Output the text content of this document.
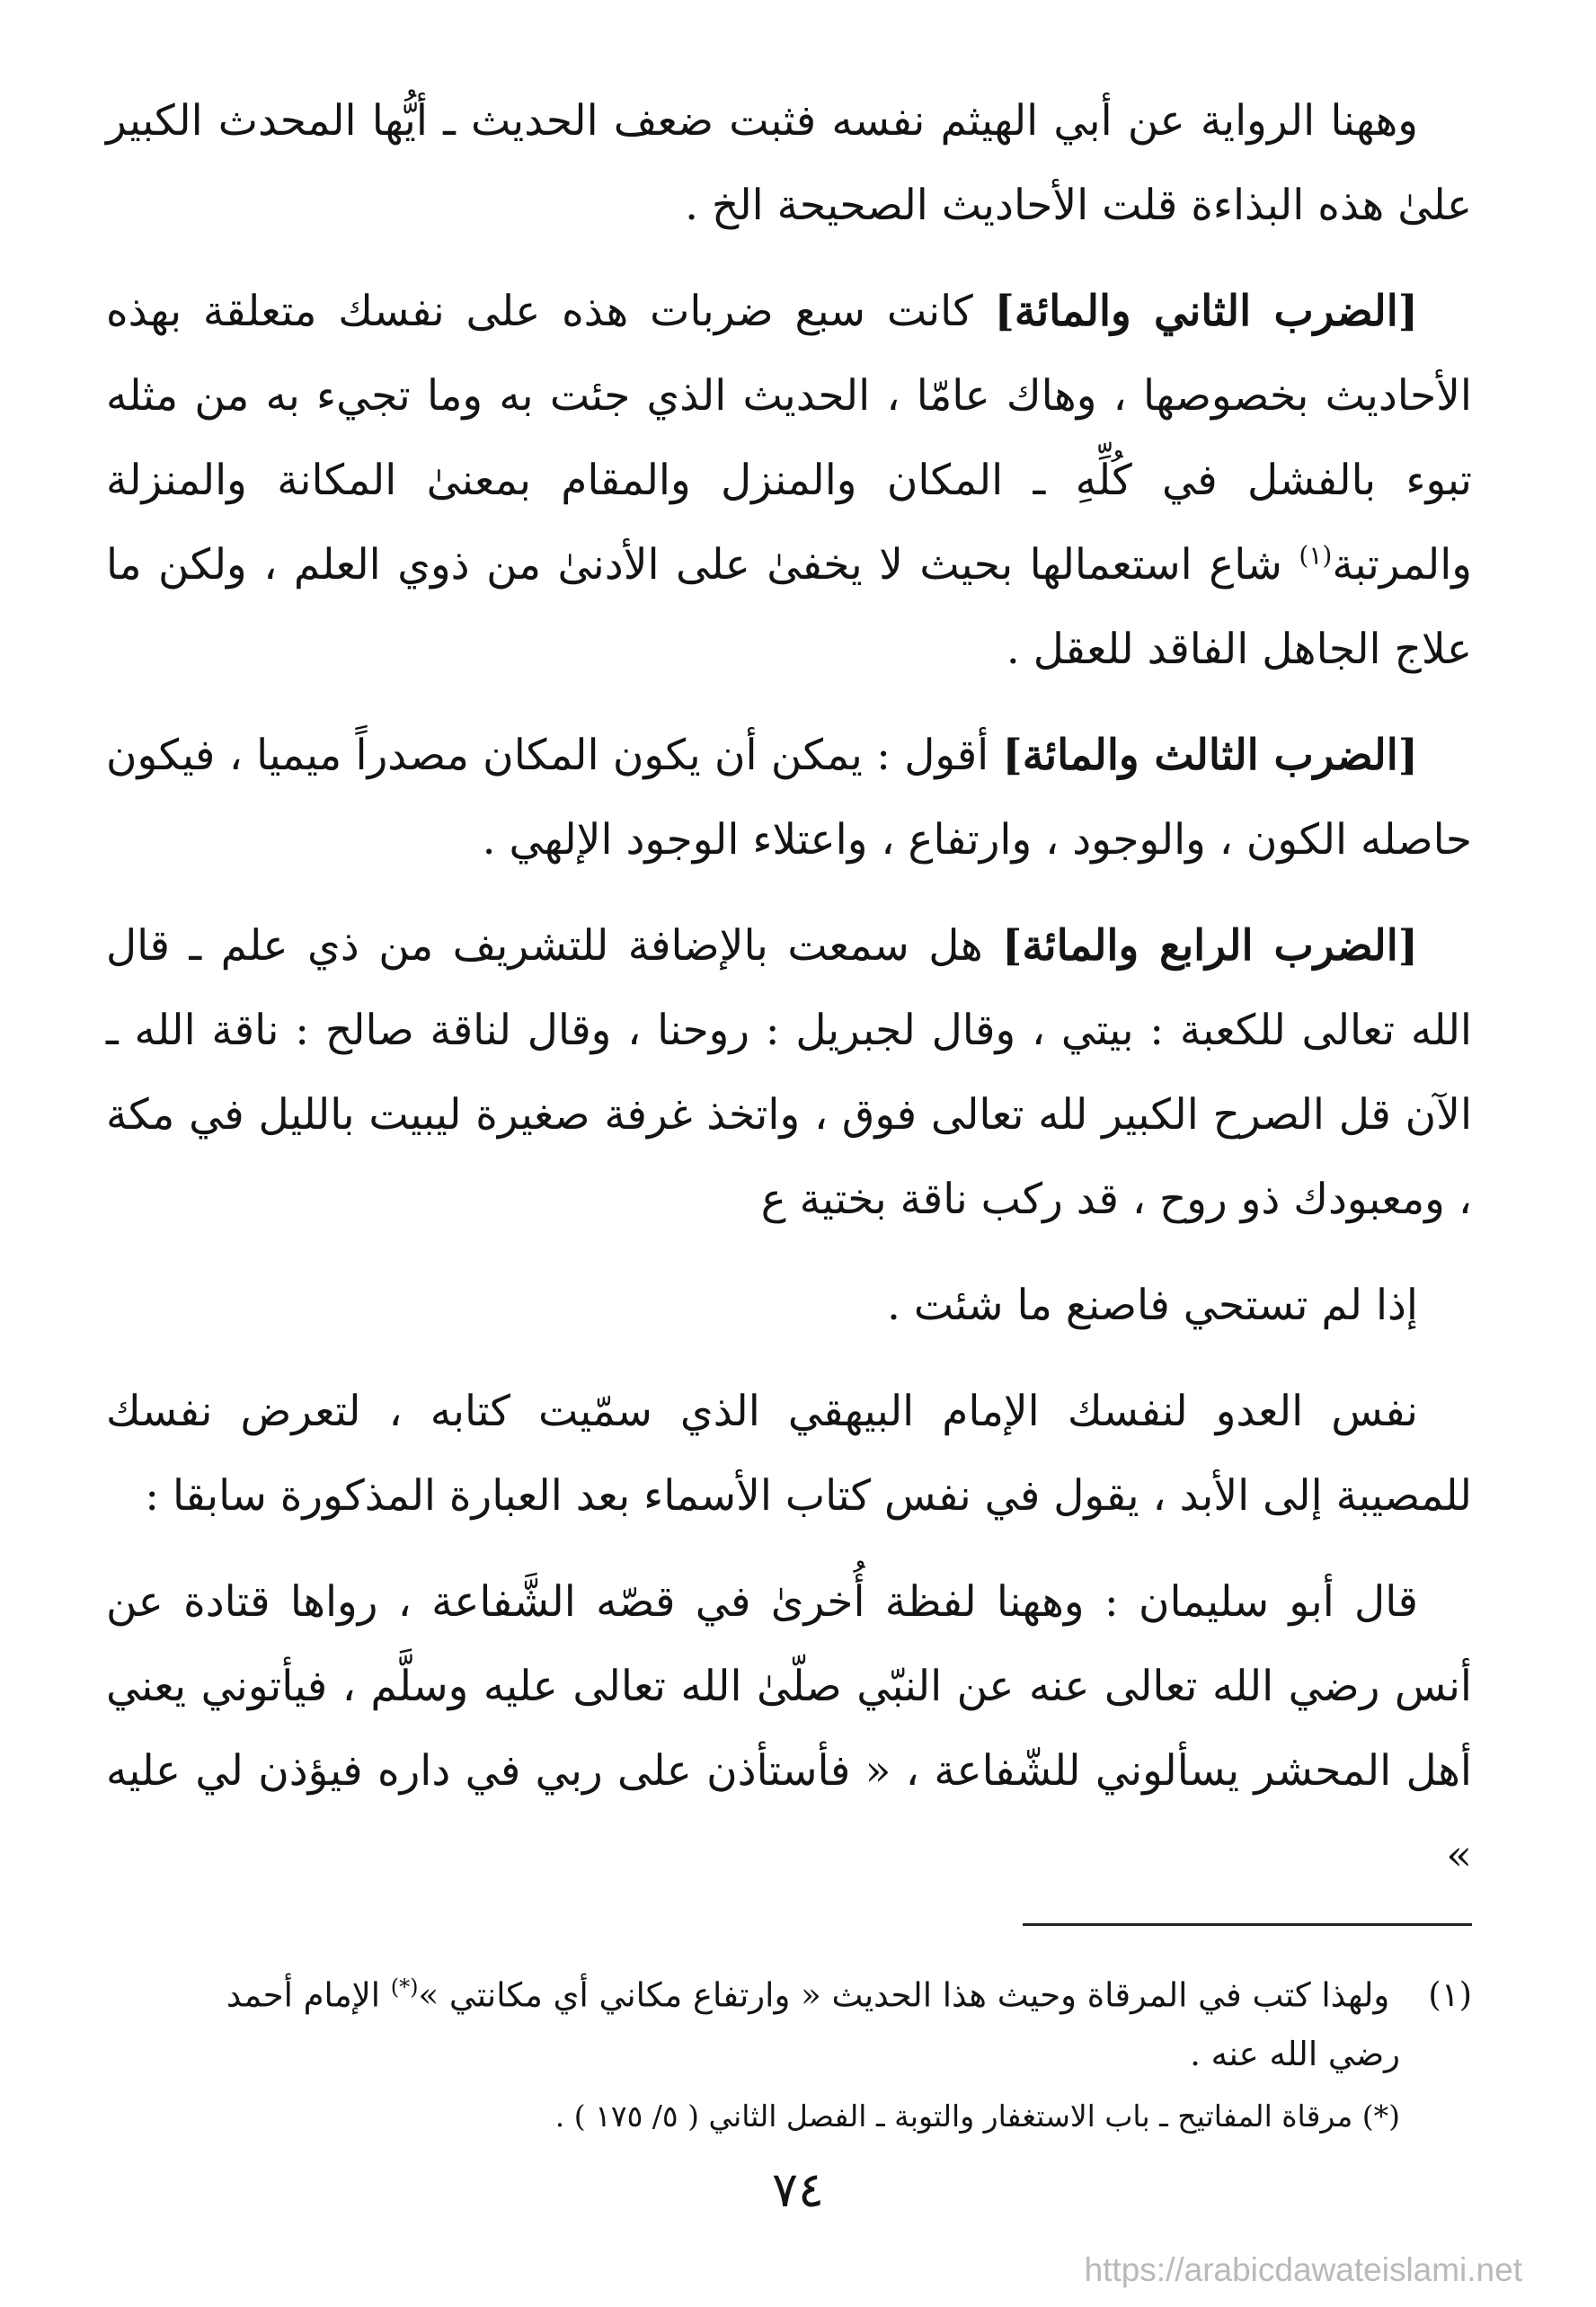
وههنا الرواية عن أبي الهيثم نفسه فثبت ضعف الحديث ـ أيُّها المحدث الكبير علىٰ هذه البذاءة قلت الأحاديث الصحيحة الخ .

[الضرب الثاني والمائة] كانت سبع ضربات هذه على نفسك متعلقة بهذه الأحاديث بخصوصها ، وهاك عامّا ، الحديث الذي جئت به وما تجيء به من مثله تبوء بالفشل في كُلِّهِ ـ المكان والمنزل والمقام بمعنىٰ المكانة والمنزلة والمرتبة$^{(١)}$ شاع استعمالها بحيث لا يخفىٰ على الأدنىٰ من ذوي العلم ، ولكن ما علاج الجاهل الفاقد للعقل .

[الضرب الثالث والمائة] أقول : يمكن أن يكون المكان مصدراً ميميا ، فيكون حاصله الكون ، والوجود ، وارتفاع ، واعتلاء الوجود الإلهي .

[الضرب الرابع والمائة] هل سمعت بالإضافة للتشريف من ذي علم ـ قال الله تعالى للكعبة : بيتي ، وقال لجبريل : روحنا ، وقال لناقة صالح : ناقة الله ـ الآن قل الصرح الكبير لله تعالى فوق ، واتخذ غرفة صغيرة ليبيت بالليل في مكة ، ومعبودك ذو روح ، قد ركب ناقة بختية ع

إذا لم تستحي فاصنع ما شئت .

نفس العدو لنفسك الإمام البيهقي الذي سمّيت كتابه ، لتعرض نفسك للمصيبة إلى الأبد ، يقول في نفس كتاب الأسماء بعد العبارة المذكورة سابقا :

قال أبو سليمان : وههنا لفظة أُخرىٰ في قصّه الشَّفاعة ، رواها قتادة عن أنس رضي الله تعالى عنه عن النبّي صلّىٰ الله تعالى عليه وسلَّم ، فيأتوني يعني أهل المحشر يسألوني للشّفاعة ، « فأستأذن على ربي في داره فيؤذن لي عليه »

(١) ولهذا كتب في المرقاة وحيث هذا الحديث « وارتفاع مكاني أي مكانتي »(*) الإمام أحمد

رضي الله عنه .

(*) مرقاة المفاتيح ـ باب الاستغفار والتوبة ـ الفصل الثاني ( ٥/ ١٧٥ ) .

٧٤
https://arabicdawateislami.net
